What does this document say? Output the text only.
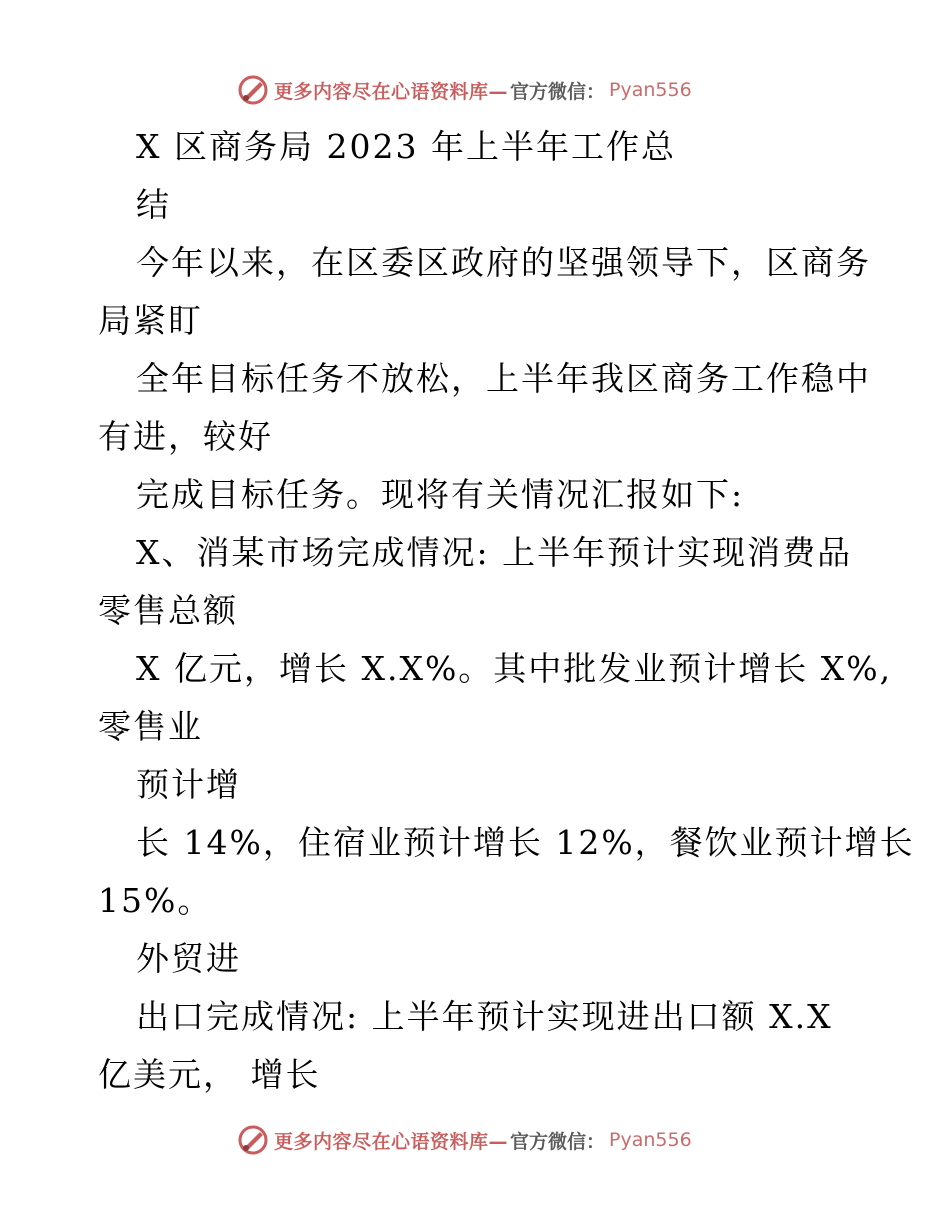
更多内容尽在心语资料库— 官方微信： Pyan556
X 区商务局 2023 年上半年工作总
结
今年以来，在区委区政府的坚强领导下，区商务
局紧盯
全年目标任务不放松，上半年我区商务工作稳中
有进，较好
完成目标任务。现将有关情况汇报如下:
X、消某市场完成情况: 上半年预计实现消费品
零售总额
X 亿元，增长 X.X%。其中批发业预计增长 X%,
零售业
预计增
长 14%，住宿业预计增长 12%，餐饮业预计增长
15%。
外贸进
出口完成情况: 上半年预计实现进出口额 X.X
亿美元， 增长
更多内容尽在心语资料库— 官方微信： Pyan556
